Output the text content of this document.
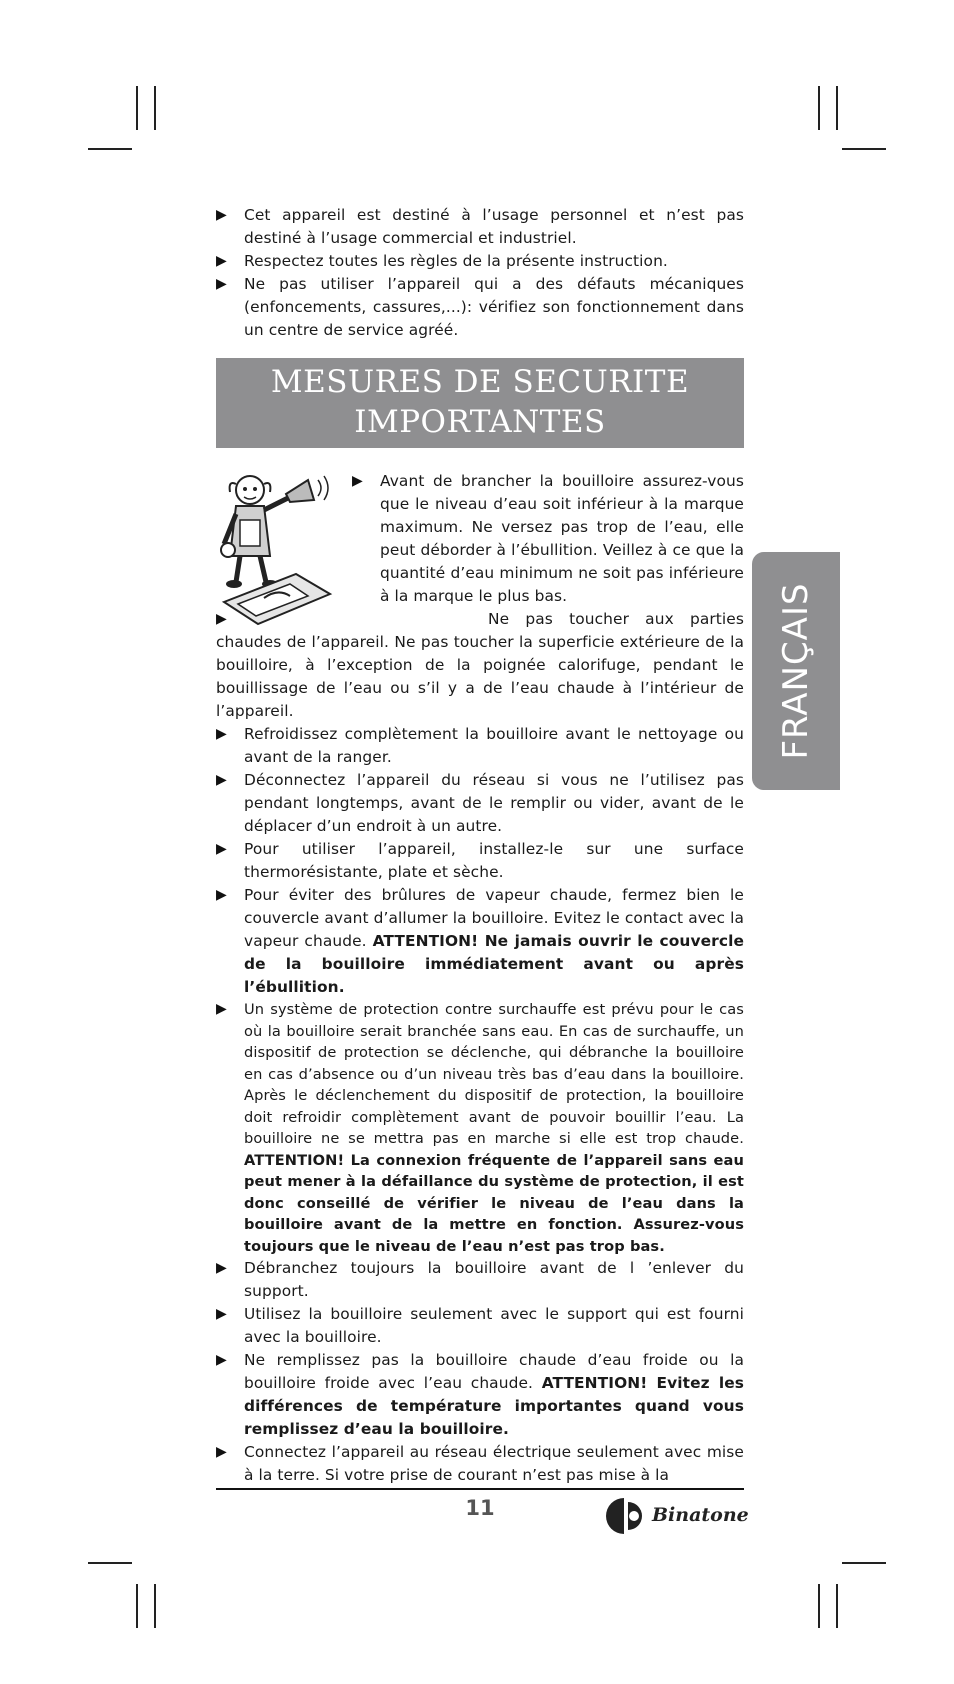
▶ Cet appareil est destiné à l’usage personnel et n’est pas destiné à l’usage commercial et industriel.
▶ Respectez toutes les règles de la présente instruction.
▶ Ne pas utiliser l’appareil qui a des défauts mécaniques (enfoncements, cassures,...): vérifiez son fonctionnement dans un centre de service agréé.
MESURES DE SECURITE
IMPORTANTES
▶ Avant de brancher la bouilloire assurez-vous que le niveau d’eau soit inférieur à la marque maximum. Ne versez pas trop de l’eau, elle peut déborder à l’ébullition. Veillez à ce que la quantité d’eau minimum ne soit pas inférieure à la marque le plus bas.
▶ Ne pas toucher aux parties chaudes de l’appareil. Ne pas toucher la superficie extérieure de la bouilloire, à l’exception de la poignée calorifuge, pendant le bouillissage de l’eau ou s’il y a de l’eau chaude à l’intérieur de l’appareil.
▶ Refroidissez complètement la bouilloire avant le nettoyage ou avant de la ranger.
▶ Déconnectez l’appareil du réseau si vous ne l’utilisez pas pendant longtemps, avant de le remplir ou vider, avant de le déplacer d’un endroit à un autre.
▶ Pour utiliser l’appareil, installez-le sur une surface thermorésistante, plate et sèche.
▶ Pour éviter des brûlures de vapeur chaude, fermez bien le couvercle avant d’allumer la bouilloire. Evitez le contact avec la vapeur chaude. ATTENTION! Ne jamais ouvrir le couvercle de la bouilloire immédiatement avant ou après l’ébullition.
▶ Un système de protection contre surchauffe est prévu pour le cas où la bouilloire serait branchée sans eau. En cas de surchauffe, un dispositif de protection se déclenche, qui débranche la bouilloire en cas d’absence ou d’un niveau très bas d’eau dans la bouilloire. Après le déclenchement du dispositif de protection, la bouilloire doit refroidir complètement avant de pouvoir bouillir l’eau. La bouilloire ne se mettra pas en marche si elle est trop chaude. ATTENTION! La connexion fréquente de l’appareil sans eau peut mener à la défaillance du système de protection, il est donc conseillé de vérifier le niveau de l’eau dans la bouilloire avant de la mettre en fonction. Assurez-vous toujours que le niveau de l’eau n’est pas trop bas.
▶ Débranchez toujours la bouilloire avant de l ’enlever du support.
▶ Utilisez la bouilloire seulement avec le support qui est fourni avec la bouilloire.
▶ Ne remplissez pas la bouilloire chaude d’eau froide ou la bouilloire froide avec l’eau chaude. ATTENTION! Evitez les différences de température importantes quand vous remplissez d’eau la bouilloire.
▶ Connectez l’appareil au réseau électrique seulement avec mise à la terre. Si votre prise de courant n’est pas mise à la
FRANÇAIS
11	Binatone
